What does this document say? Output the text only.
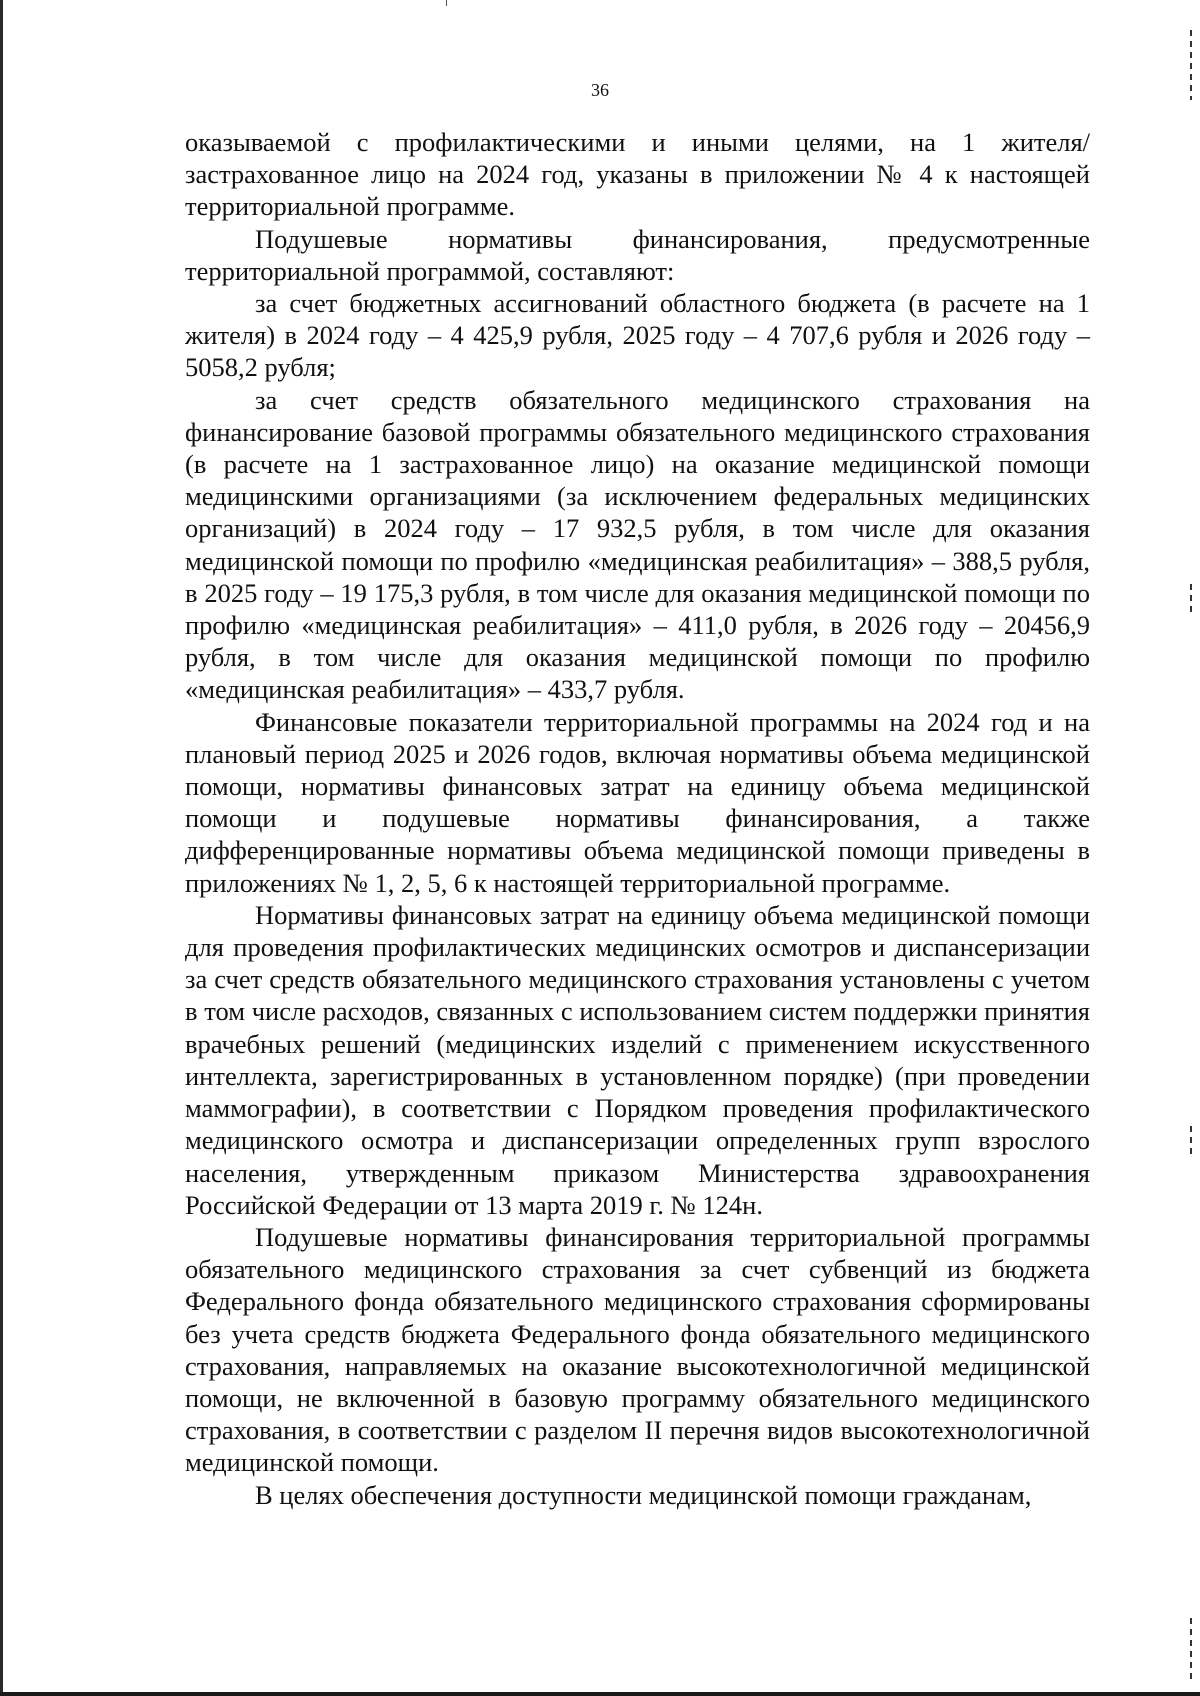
36

оказываемой с профилактическими и иными целями, на 1 жителя/застрахованное лицо на 2024 год, указаны в приложении № 4 к настоящей территориальной программе.

Подушевые нормативы финансирования, предусмотренные территориальной программой, составляют:

за счет бюджетных ассигнований областного бюджета (в расчете на 1 жителя) в 2024 году – 4 425,9 рубля, 2025 году – 4 707,6 рубля и 2026 году – 5058,2 рубля;

за счет средств обязательного медицинского страхования на финансирование базовой программы обязательного медицинского страхования (в расчете на 1 застрахованное лицо) на оказание медицинской помощи медицинскими организациями (за исключением федеральных медицинских организаций) в 2024 году – 17 932,5 рубля, в том числе для оказания медицинской помощи по профилю «медицинская реабилитация» – 388,5 рубля, в 2025 году – 19 175,3 рубля, в том числе для оказания медицинской помощи по профилю «медицинская реабилитация» – 411,0 рубля, в 2026 году – 20456,9 рубля, в том числе для оказания медицинской помощи по профилю «медицинская реабилитация» – 433,7 рубля.

Финансовые показатели территориальной программы на 2024 год и на плановый период 2025 и 2026 годов, включая нормативы объема медицинской помощи, нормативы финансовых затрат на единицу объема медицинской помощи и подушевые нормативы финансирования, а также дифференцированные нормативы объема медицинской помощи приведены в приложениях № 1, 2, 5, 6 к настоящей территориальной программе.

Нормативы финансовых затрат на единицу объема медицинской помощи для проведения профилактических медицинских осмотров и диспансеризации за счет средств обязательного медицинского страхования установлены с учетом в том числе расходов, связанных с использованием систем поддержки принятия врачебных решений (медицинских изделий с применением искусственного интеллекта, зарегистрированных в установленном порядке) (при проведении маммографии), в соответствии с Порядком проведения профилактического медицинского осмотра и диспансеризации определенных групп взрослого населения, утвержденным приказом Министерства здравоохранения Российской Федерации от 13 марта 2019 г. № 124н.

Подушевые нормативы финансирования территориальной программы обязательного медицинского страхования за счет субвенций из бюджета Федерального фонда обязательного медицинского страхования сформированы без учета средств бюджета Федерального фонда обязательного медицинского страхования, направляемых на оказание высокотехнологичной медицинской помощи, не включенной в базовую программу обязательного медицинского страхования, в соответствии с разделом II перечня видов высокотехнологичной медицинской помощи.

В целях обеспечения доступности медицинской помощи гражданам,
